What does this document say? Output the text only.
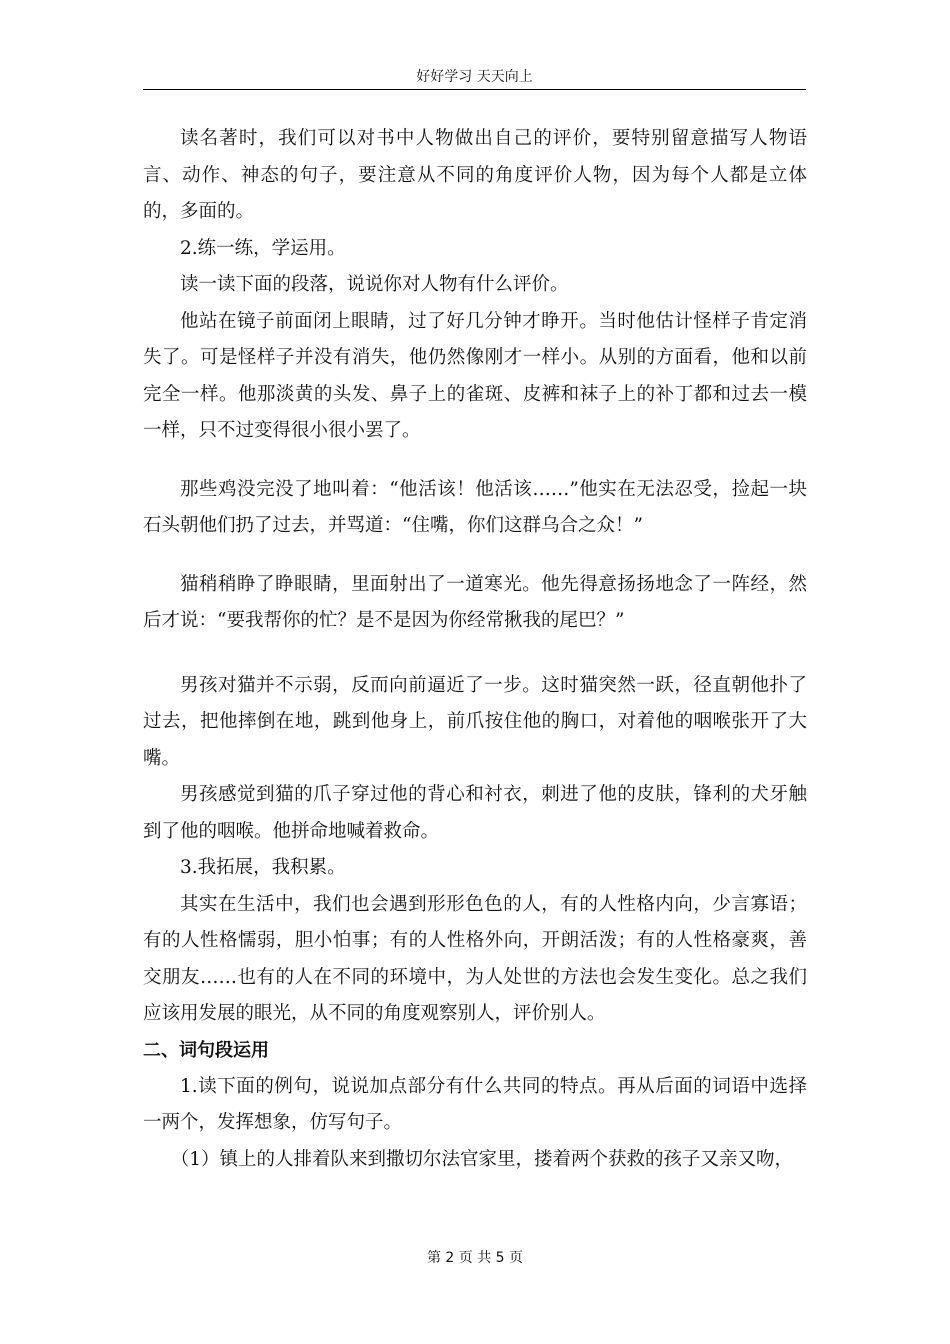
好好学习 天天向上

读名著时，我们可以对书中人物做出自己的评价，要特别留意描写人物语言、动作、神态的句子，要注意从不同的角度评价人物，因为每个人都是立体的，多面的。

2.练一练，学运用。

读一读下面的段落，说说你对人物有什么评价。

他站在镜子前面闭上眼睛，过了好几分钟才睁开。当时他估计怪样子肯定消失了。可是怪样子并没有消失，他仍然像刚才一样小。从别的方面看，他和以前完全一样。他那淡黄的头发、鼻子上的雀斑、皮裤和袜子上的补丁都和过去一模一样，只不过变得很小很小罢了。

那些鸡没完没了地叫着：“他活该！他活该……”他实在无法忍受，捡起一块石头朝他们扔了过去，并骂道：“住嘴，你们这群乌合之众！”

猫稍稍睁了睁眼睛，里面射出了一道寒光。他先得意扬扬地念了一阵经，然后才说：“要我帮你的忙？是不是因为你经常揪我的尾巴？”

男孩对猫并不示弱，反而向前逼近了一步。这时猫突然一跃，径直朝他扑了过去，把他摔倒在地，跳到他身上，前爪按住他的胸口，对着他的咽喉张开了大嘴。

男孩感觉到猫的爪子穿过他的背心和衬衣，刺进了他的皮肤，锋利的犬牙触到了他的咽喉。他拼命地喊着救命。

3.我拓展，我积累。

其实在生活中，我们也会遇到形形色色的人，有的人性格内向，少言寡语；有的人性格懦弱，胆小怕事；有的人性格外向，开朗活泼；有的人性格豪爽，善交朋友……也有的人在不同的环境中，为人处世的方法也会发生变化。总之我们应该用发展的眼光，从不同的角度观察别人，评价别人。

二、词句段运用

1.读下面的例句，说说加点部分有什么共同的特点。再从后面的词语中选择一两个，发挥想象，仿写句子。

（1）镇上的人排着队来到撒切尔法官家里，搂着两个获救的孩子又亲又吻，

第 2 页 共 5 页
